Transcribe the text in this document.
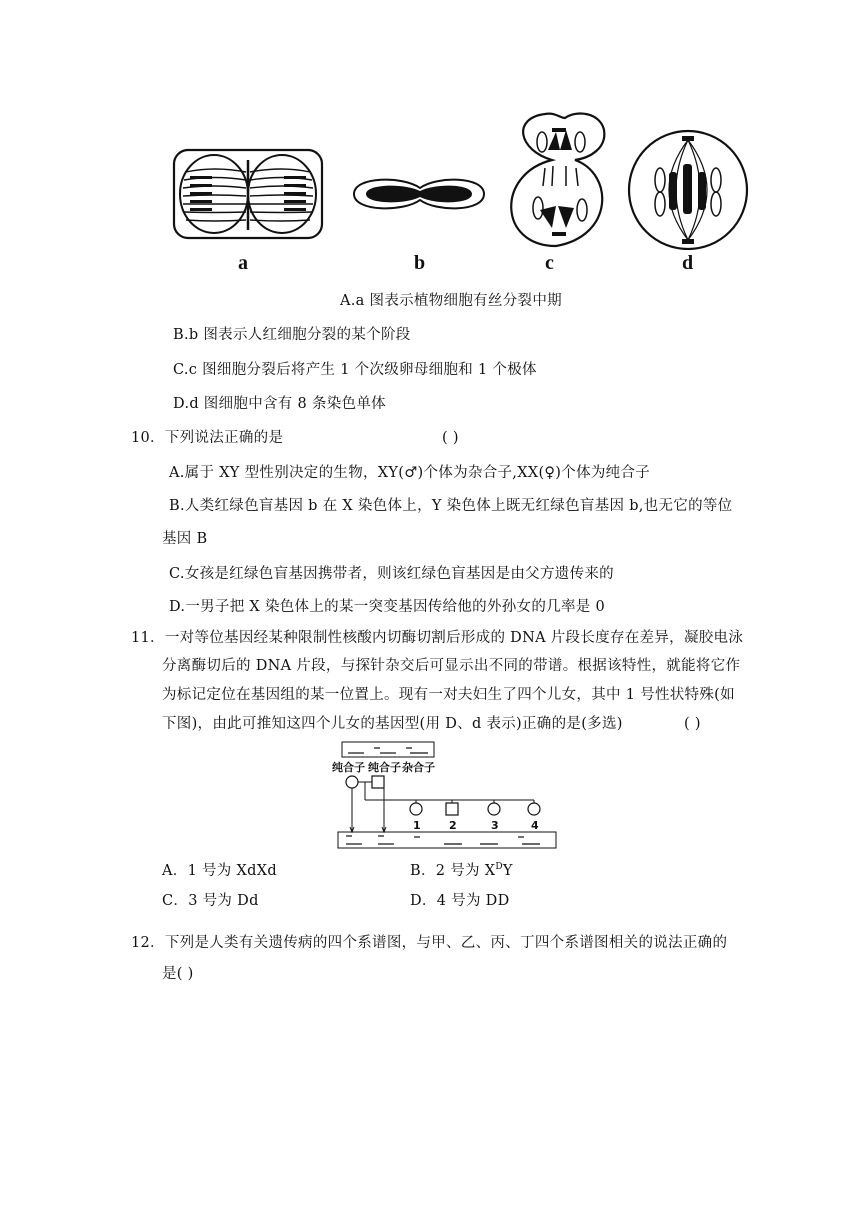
a	b	c	d
A.a 图表示植物细胞有丝分裂中期
B.b 图表示人红细胞分裂的某个阶段
C.c 图细胞分裂后将产生 1 个次级卵母细胞和 1 个极体
D.d 图细胞中含有 8 条染色单体
10．下列说法正确的是	( )
A.属于 XY 型性别决定的生物，XY(♂)个体为杂合子,XX(♀)个体为纯合子
B.人类红绿色盲基因 b 在 X 染色体上，Y 染色体上既无红绿色盲基因 b,也无它的等位
基因 B
C.女孩是红绿色盲基因携带者，则该红绿色盲基因是由父方遗传来的
D.一男子把 X 染色体上的某一突变基因传给他的外孙女的几率是 0
11．一对等位基因经某种限制性核酸内切酶切割后形成的 DNA 片段长度存在差异，凝胶电泳
分离酶切后的 DNA 片段，与探针杂交后可显示出不同的带谱。根据该特性，就能将它作
为标记定位在基因组的某一位置上。现有一对夫妇生了四个儿女，其中 1 号性状特殊(如
下图)，由此可推知这四个儿女的基因型(用 D、d 表示)正确的是(多选)	( )
纯合子 纯合子 杂合子
1	2	3	4
A．1 号为 XdXd	B．2 号为 $X^DY$
C．3 号为 Dd	D．4 号为 DD
12．下列是人类有关遗传病的四个系谱图，与甲、乙、丙、丁四个系谱图相关的说法正确的
是( )
